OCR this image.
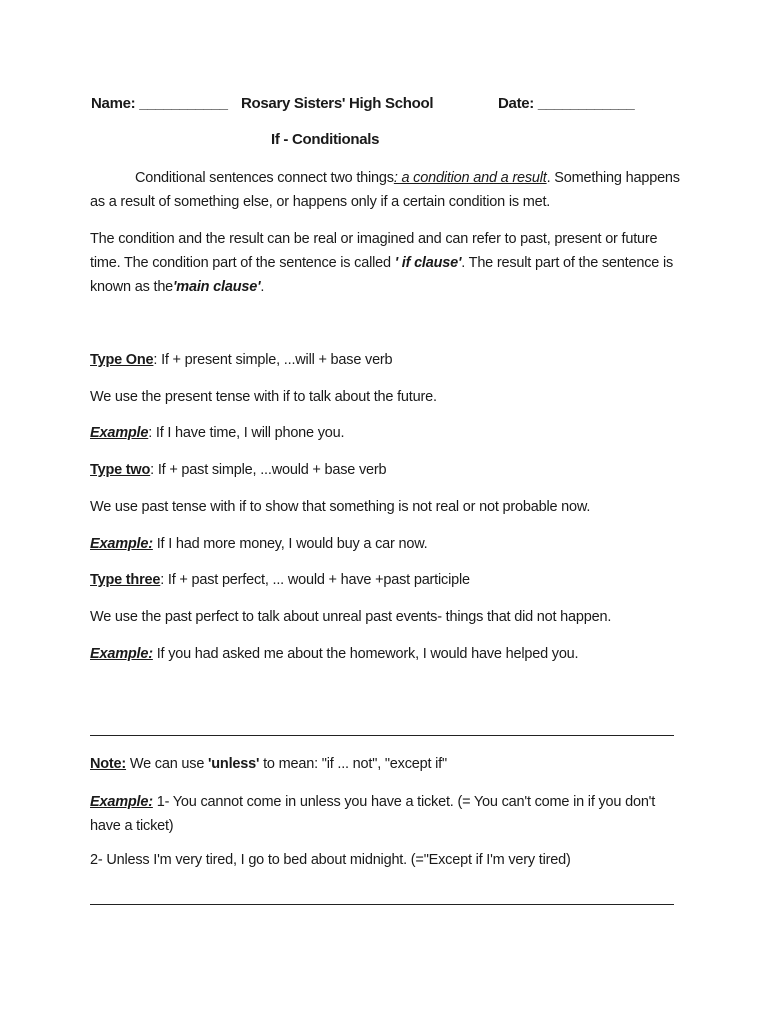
Name: ___________ Rosary Sisters' High School	Date: ____________
If - Conditionals
Conditional sentences connect two things: a condition and a result. Something happens as a result of something else, or happens only if a certain condition is met.
The condition and the result can be real or imagined and can refer to past, present or future time. The condition part of the sentence is called ' if clause'. The result part of the sentence is known as the'main clause'.
Type One: If + present simple, ...will + base verb
We use the present tense with if to talk about the future.
Example: If I have time, I will phone you.
Type two: If + past simple, ...would + base verb
We use past tense with if to show that something is not real or not probable now.
Example: If I had more money, I would buy a car now.
Type three: If + past perfect, ... would + have +past participle
We use the past perfect to talk about unreal past events- things that did not happen.
Example: If you had asked me about the homework, I would have helped you.
Note: We can use 'unless' to mean: "if ... not", "except if"
Example: 1- You cannot come in unless you have a ticket. (= You can't come in if you don't have a ticket)
2- Unless I'm very tired, I go to bed about midnight. (="Except if I'm very tired)
